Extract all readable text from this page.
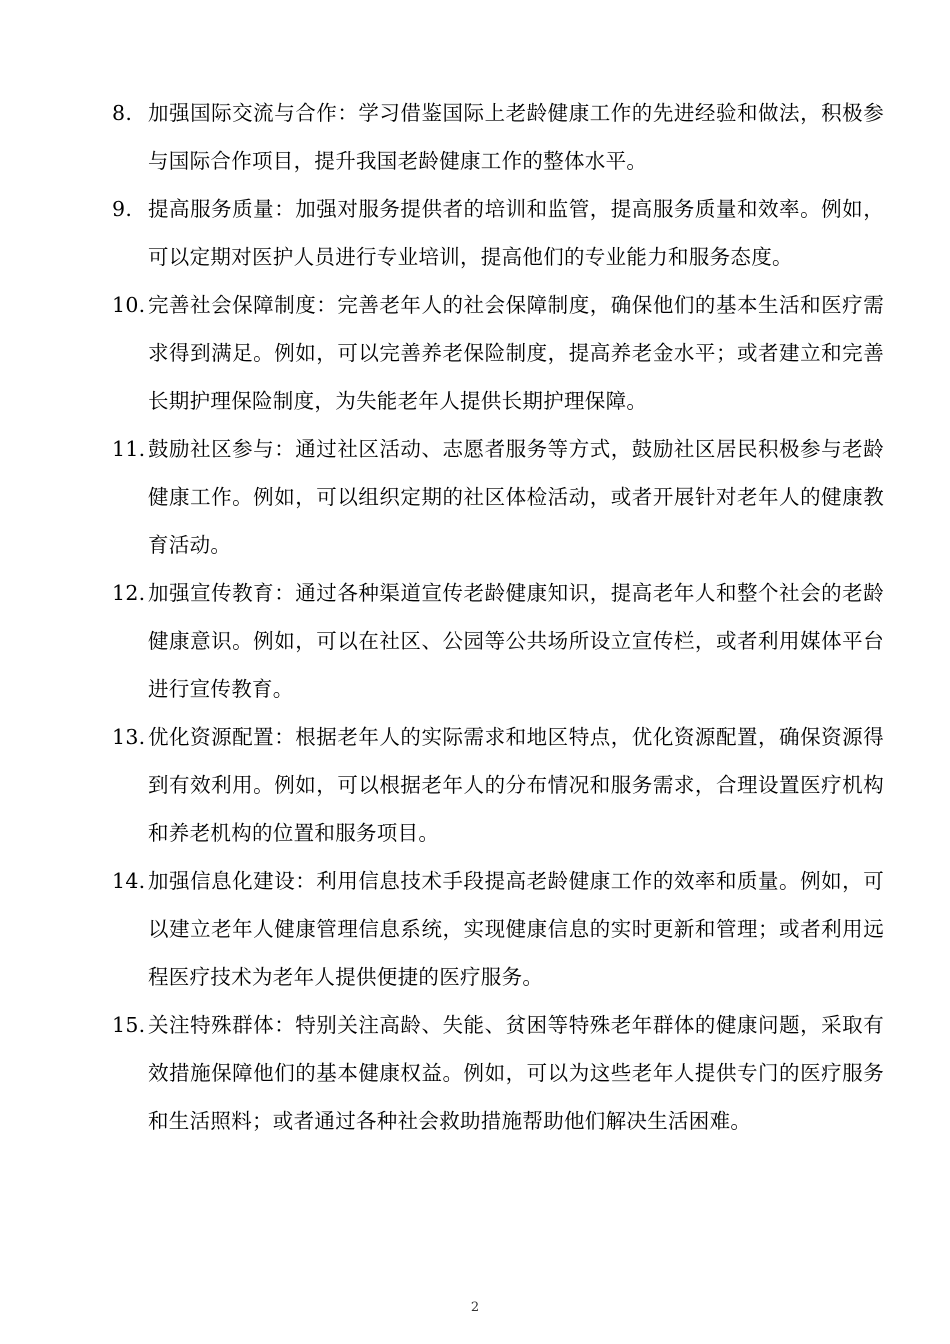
8. 加强国际交流与合作：学习借鉴国际上老龄健康工作的先进经验和做法，积极参与国际合作项目，提升我国老龄健康工作的整体水平。
9. 提高服务质量：加强对服务提供者的培训和监管，提高服务质量和效率。例如，可以定期对医护人员进行专业培训，提高他们的专业能力和服务态度。
10. 完善社会保障制度：完善老年人的社会保障制度，确保他们的基本生活和医疗需求得到满足。例如，可以完善养老保险制度，提高养老金水平；或者建立和完善长期护理保险制度，为失能老年人提供长期护理保障。
11. 鼓励社区参与：通过社区活动、志愿者服务等方式，鼓励社区居民积极参与老龄健康工作。例如，可以组织定期的社区体检活动，或者开展针对老年人的健康教育活动。
12. 加强宣传教育：通过各种渠道宣传老龄健康知识，提高老年人和整个社会的老龄健康意识。例如，可以在社区、公园等公共场所设立宣传栏，或者利用媒体平台进行宣传教育。
13. 优化资源配置：根据老年人的实际需求和地区特点，优化资源配置，确保资源得到有效利用。例如，可以根据老年人的分布情况和服务需求，合理设置医疗机构和养老机构的位置和服务项目。
14. 加强信息化建设：利用信息技术手段提高老龄健康工作的效率和质量。例如，可以建立老年人健康管理信息系统，实现健康信息的实时更新和管理；或者利用远程医疗技术为老年人提供便捷的医疗服务。
15. 关注特殊群体：特别关注高龄、失能、贫困等特殊老年群体的健康问题，采取有效措施保障他们的基本健康权益。例如，可以为这些老年人提供专门的医疗服务和生活照料；或者通过各种社会救助措施帮助他们解决生活困难。
2
